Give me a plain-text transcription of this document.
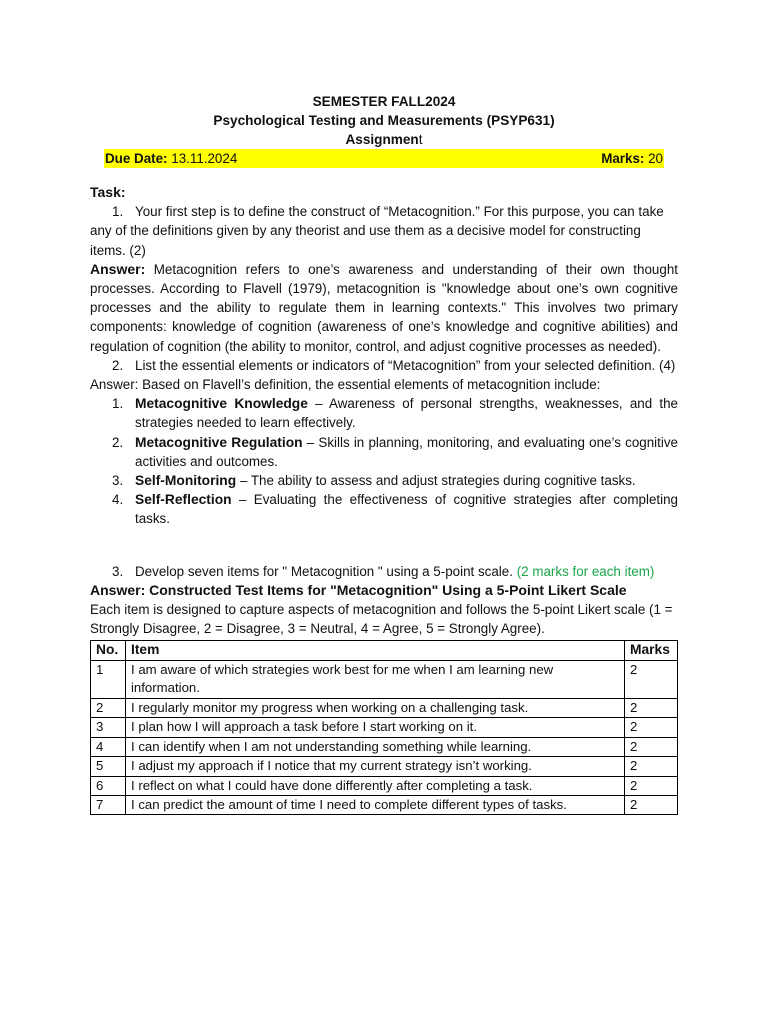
SEMESTER FALL2024
Psychological Testing and Measurements (PSYP631)
Assignment
Due Date: 13.11.2024	Marks: 20
Task:

1. Your first step is to define the construct of “Metacognition.” For this purpose, you can take any of the definitions given by any theorist and use them as a decisive model for constructing items. (2)

Answer: Metacognition refers to one’s awareness and understanding of their own thought processes. According to Flavell (1979), metacognition is "knowledge about one’s own cognitive processes and the ability to regulate them in learning contexts." This involves two primary components: knowledge of cognition (awareness of one’s knowledge and cognitive abilities) and regulation of cognition (the ability to monitor, control, and adjust cognitive processes as needed).

2. List the essential elements or indicators of “Metacognition” from your selected definition. (4)

Answer: Based on Flavell’s definition, the essential elements of metacognition include:

1. Metacognitive Knowledge – Awareness of personal strengths, weaknesses, and the strategies needed to learn effectively.
2. Metacognitive Regulation – Skills in planning, monitoring, and evaluating one’s cognitive activities and outcomes.
3. Self-Monitoring – The ability to assess and adjust strategies during cognitive tasks.
4. Self-Reflection – Evaluating the effectiveness of cognitive strategies after completing tasks.

3. Develop seven items for " Metacognition " using a 5-point scale. (2 marks for each item)

Answer: Constructed Test Items for "Metacognition" Using a 5-Point Likert Scale

Each item is designed to capture aspects of metacognition and follows the 5-point Likert scale (1 = Strongly Disagree, 2 = Disagree, 3 = Neutral, 4 = Agree, 5 = Strongly Agree).

No.	Item	Marks
1	I am aware of which strategies work best for me when I am learning new information.	2
2	I regularly monitor my progress when working on a challenging task.	2
3	I plan how I will approach a task before I start working on it.	2
4	I can identify when I am not understanding something while learning.	2
5	I adjust my approach if I notice that my current strategy isn’t working.	2
6	I reflect on what I could have done differently after completing a task.	2
7	I can predict the amount of time I need to complete different types of tasks.	2
